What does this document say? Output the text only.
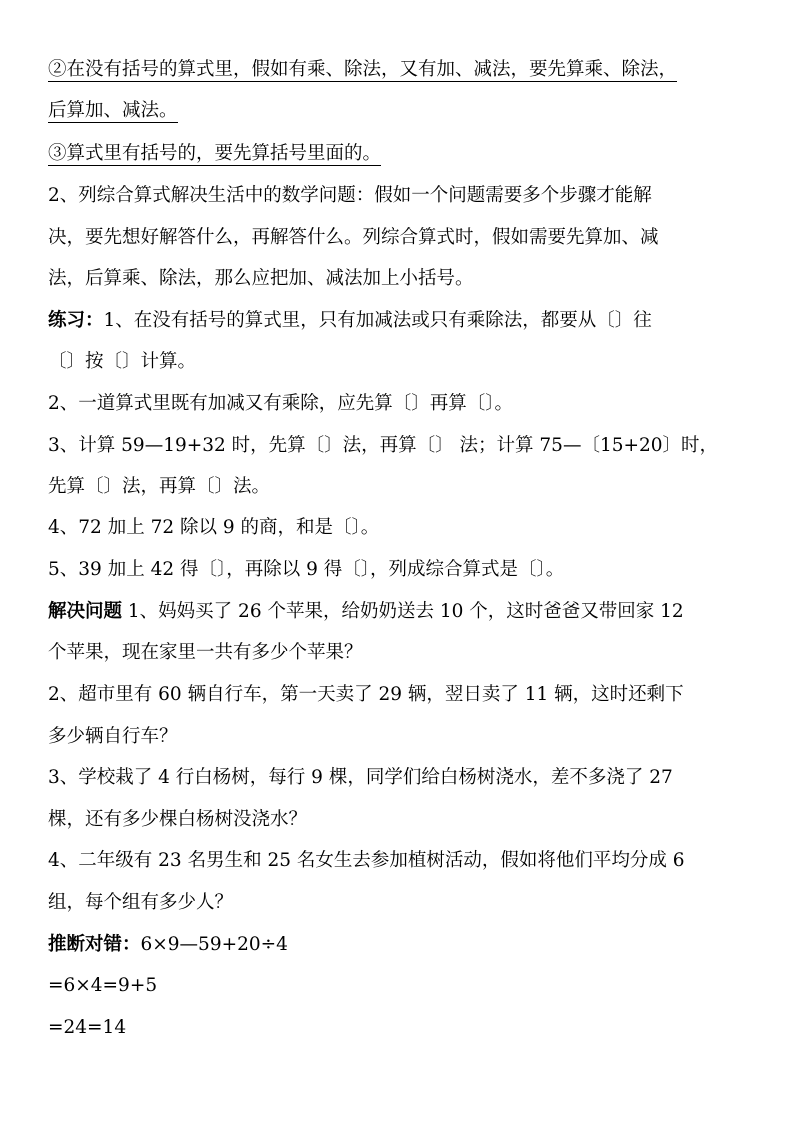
②在没有括号的算式里，假如有乘、除法，又有加、减法，要先算乘、除法，
后算加、减法。
③算式里有括号的，要先算括号里面的。
2、列综合算式解决生活中的数学问题：假如一个问题需要多个步骤才能解
决，要先想好解答什么，再解答什么。列综合算式时，假如需要先算加、减
法，后算乘、除法，那么应把加、减法加上小括号。
练习：1、在没有括号的算式里，只有加减法或只有乘除法，都要从〔〕往
〔〕按〔〕计算。
2、一道算式里既有加减又有乘除，应先算〔〕再算〔〕。
3、计算 59—19+32 时，先算〔〕法，再算〔〕 法；计算 75—〔15+20〕时，
先算〔〕法，再算〔〕法。
4、72 加上 72 除以 9 的商，和是〔〕。
5、39 加上 42 得〔〕，再除以 9 得〔〕，列成综合算式是〔〕。
解决问题 1、妈妈买了 26 个苹果，给奶奶送去 10 个，这时爸爸又带回家 12
个苹果，现在家里一共有多少个苹果？
2、超市里有 60 辆自行车，第一天卖了 29 辆，翌日卖了 11 辆，这时还剩下
多少辆自行车？
3、学校栽了 4 行白杨树，每行 9 棵，同学们给白杨树浇水，差不多浇了 27
棵，还有多少棵白杨树没浇水？
4、二年级有 23 名男生和 25 名女生去参加植树活动，假如将他们平均分成 6
组，每个组有多少人？
推断对错：6×9—59+20÷4
=6×4=9+5
=24=14
